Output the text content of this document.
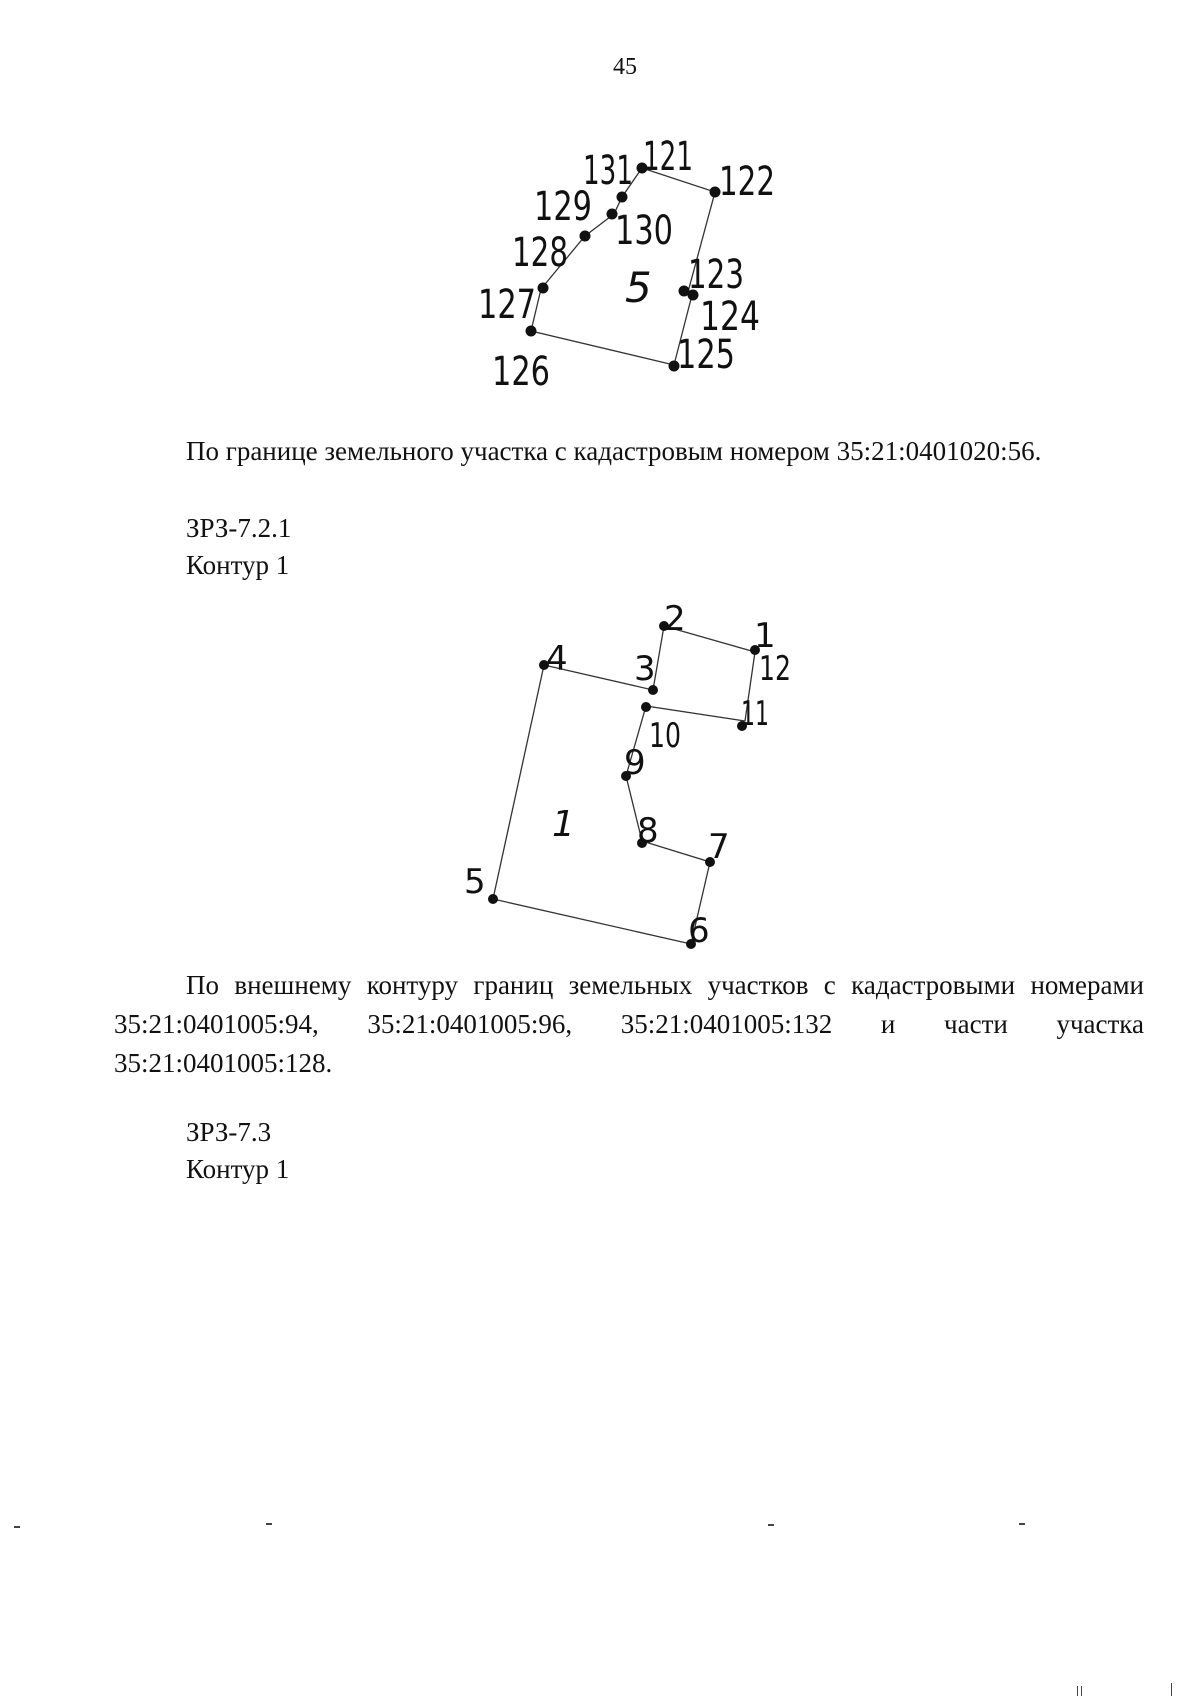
45
131 121
122
129
130
128	123
127	124
125
126
5
1
12
2
3
4
11
10
9
8 7
5
6
1
По границе земельного участка с кадастровым номером 35:21:0401020:56.
ЗРЗ-7.2.1
Контур 1
По внешнему контуру границ земельных участков с кадастровыми номерами 35:21:0401005:94, 35:21:0401005:96, 35:21:0401005:132 и части участка 35:21:0401005:128.
ЗРЗ-7.3
Контур 1
